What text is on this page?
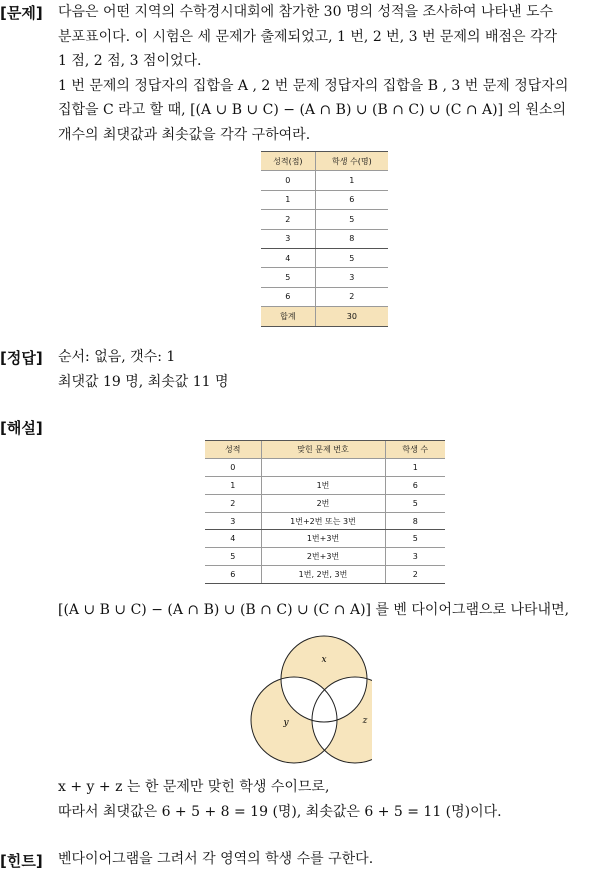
[문제] 다음은 어떤 지역의 수학경시대회에 참가한 30 명의 성적을 조사하여 나타낸 도수
분포표이다. 이 시험은 세 문제가 출제되었고, 1 번, 2 번, 3 번 문제의 배점은 각각
1 점, 2 점, 3 점이었다.
1 번 문제의 정답자의 집합을 A , 2 번 문제 정답자의 집합을 B , 3 번 문제 정답자의
집합을 C 라고 할 때, [(A ∪ B ∪ C) − (A ∩ B) ∪ (B ∩ C) ∪ (C ∩ A)] 의 원소의
개수의 최댓값과 최솟값을 각각 구하여라.
성적(점)	학생 수(명)
0	1
1	6
2	5
3	8
4	5
5	3
6	2
합계	30
[정답] 순서: 없음, 갯수: 1
최댓값 19 명, 최솟값 11 명
[해설]
성적	맞힌 문제 번호	학생 수
0		1
1	1번	6
2	2번	5
3	1번+2번 또는 3번	8
4	1번+3번	5
5	2번+3번	3
6	1번, 2번, 3번	2
[(A ∪ B ∪ C) − (A ∩ B) ∪ (B ∩ C) ∪ (C ∩ A)] 를 벤 다이어그램으로 나타내면,
x
y	z
x + y + z 는 한 문제만 맞힌 학생 수이므로,
따라서 최댓값은 6 + 5 + 8 = 19 (명), 최솟값은 6 + 5 = 11 (명)이다.
[힌트] 벤다이어그램을 그려서 각 영역의 학생 수를 구한다.
